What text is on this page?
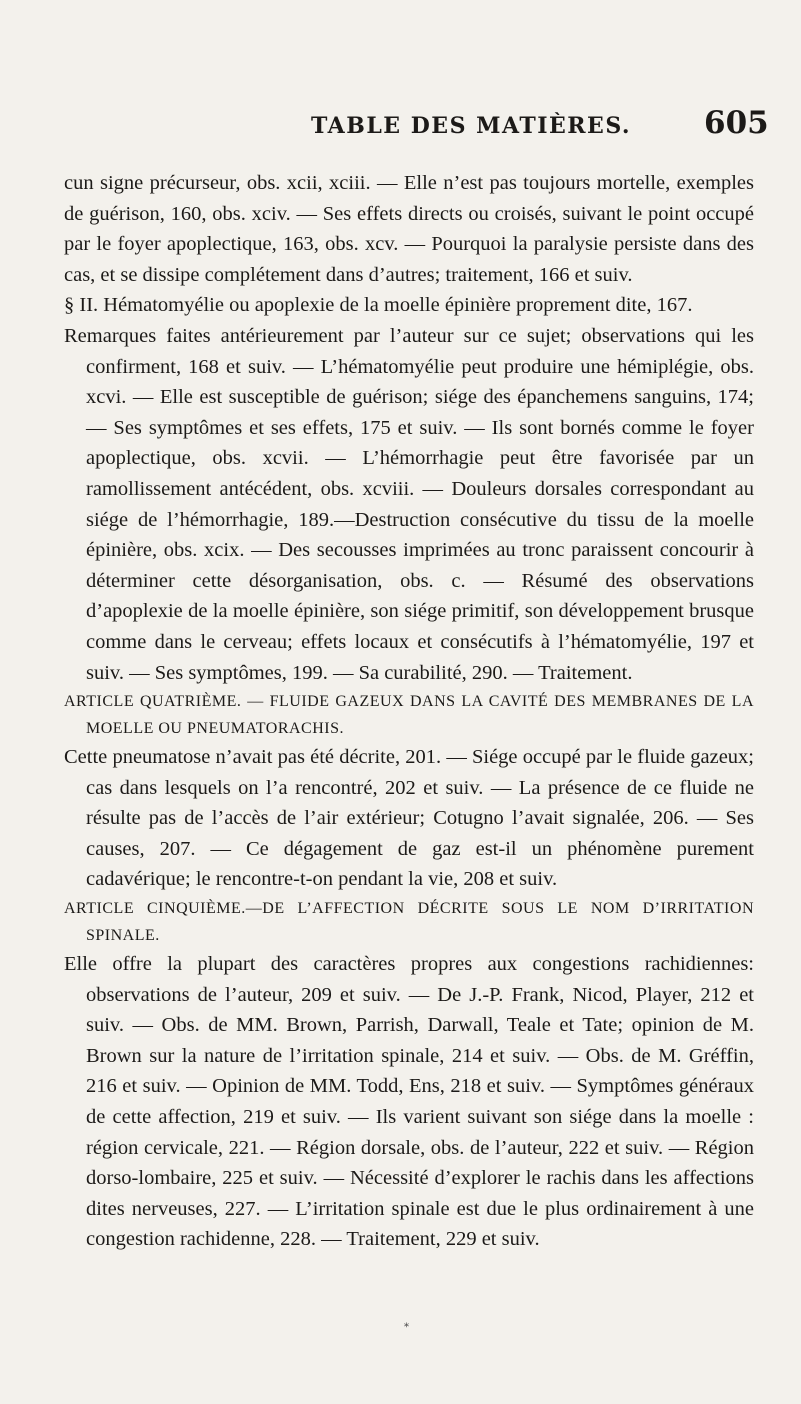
TABLE DES MATIÈRES. 605

cun signe précurseur, obs. xcii, xciii. — Elle n’est pas toujours mortelle, exemples de guérison, 160, obs. xciv. — Ses effets directs ou croisés, suivant le point occupé par le foyer apoplectique, 163, obs. xcv. — Pourquoi la paralysie persiste dans des cas, et se dissipe complétement dans d’autres; traitement, 166 et suiv.

§ II. Hématomyélie ou apoplexie de la moelle épinière proprement dite, 167.

Remarques faites antérieurement par l’auteur sur ce sujet; observations qui les confirment, 168 et suiv. — L’hématomyélie peut produire une hémiplégie, obs. xcvi. — Elle est susceptible de guérison; siége des épanchemens sanguins, 174; — Ses symptômes et ses effets, 175 et suiv. — Ils sont bornés comme le foyer apoplectique, obs. xcvii. — L’hémorrhagie peut être favorisée par un ramollissement antécédent, obs. xcviii. — Douleurs dorsales correspondant au siége de l’hémorrhagie, 189.—Destruction consécutive du tissu de la moelle épinière, obs. xcix. — Des secousses imprimées au tronc paraissent concourir à déterminer cette désorganisation, obs. c. — Résumé des observations d’apoplexie de la moelle épinière, son siége primitif, son développement brusque comme dans le cerveau; effets locaux et consécutifs à l’hématomyélie, 197 et suiv. — Ses symptômes, 199. — Sa curabilité, 290. — Traitement.

ARTICLE QUATRIÈME. — FLUIDE GAZEUX DANS LA CAVITÉ DES MEMBRANES DE LA MOELLE OU PNEUMATORACHIS.

Cette pneumatose n’avait pas été décrite, 201. — Siége occupé par le fluide gazeux; cas dans lesquels on l’a rencontré, 202 et suiv. — La présence de ce fluide ne résulte pas de l’accès de l’air extérieur; Cotugno l’avait signalée, 206. — Ses causes, 207. — Ce dégagement de gaz est-il un phénomène purement cadavérique; le rencontre-t-on pendant la vie, 208 et suiv.

ARTICLE CINQUIÈME.—DE L’AFFECTION DÉCRITE SOUS LE NOM D’IRRITATION SPINALE.

Elle offre la plupart des caractères propres aux congestions rachidiennes: observations de l’auteur, 209 et suiv. — De J.-P. Frank, Nicod, Player, 212 et suiv. — Obs. de MM. Brown, Parrish, Darwall, Teale et Tate; opinion de M. Brown sur la nature de l’irritation spinale, 214 et suiv. — Obs. de M. Gréffin, 216 et suiv. — Opinion de MM. Todd, Ens, 218 et suiv. — Symptômes généraux de cette affection, 219 et suiv. — Ils varient suivant son siége dans la moelle : région cervicale, 221. — Région dorsale, obs. de l’auteur, 222 et suiv. — Région dorso-lombaire, 225 et suiv. — Nécessité d’explorer le rachis dans les affections dites nerveuses, 227. — L’irritation spinale est due le plus ordinairement à une congestion rachidenne, 228. — Traitement, 229 et suiv.

*
